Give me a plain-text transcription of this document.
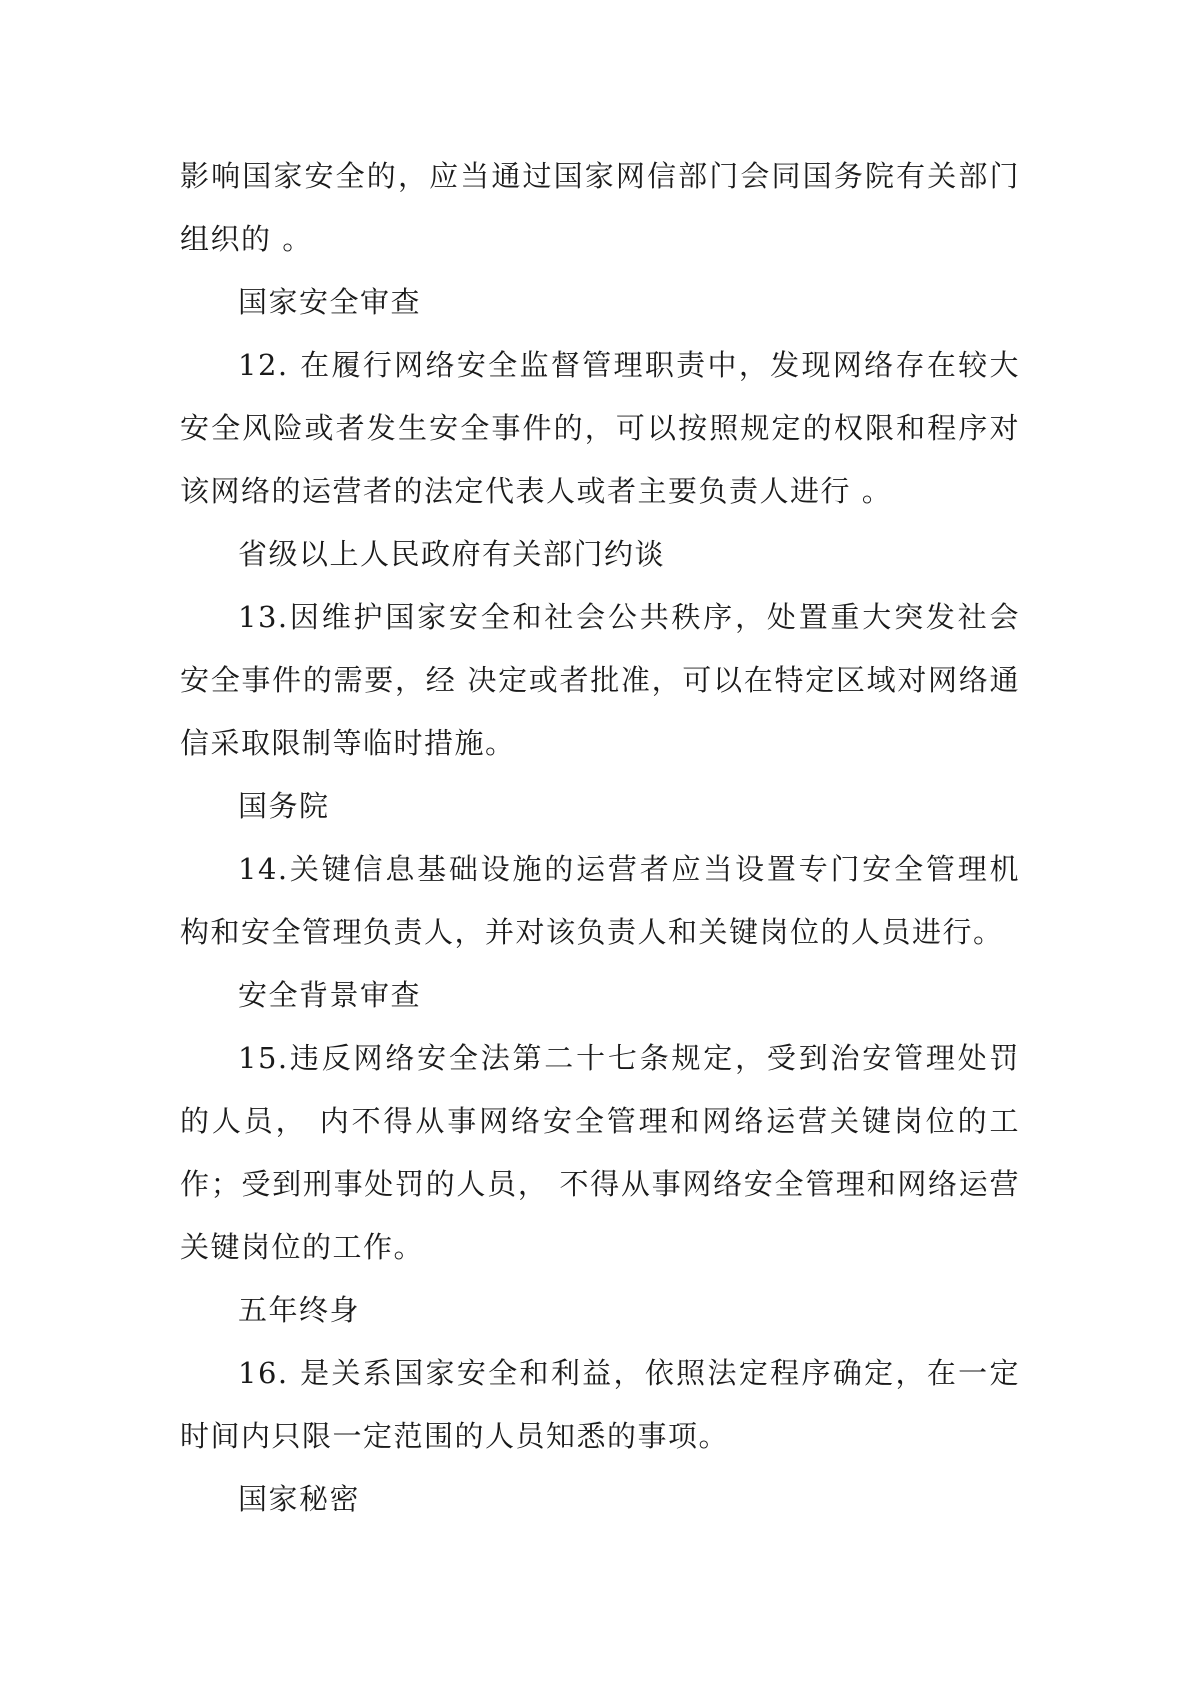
影响国家安全的，应当通过国家网信部门会同国务院有关部门组织的 。

国家安全审查

12. 在履行网络安全监督管理职责中，发现网络存在较大安全风险或者发生安全事件的，可以按照规定的权限和程序对该网络的运营者的法定代表人或者主要负责人进行 。

省级以上人民政府有关部门约谈

13.因维护国家安全和社会公共秩序，处置重大突发社会安全事件的需要，经 决定或者批准，可以在特定区域对网络通信采取限制等临时措施。

国务院

14.关键信息基础设施的运营者应当设置专门安全管理机构和安全管理负责人，并对该负责人和关键岗位的人员进行。

安全背景审查

15.违反网络安全法第二十七条规定，受到治安管理处罚的人员， 内不得从事网络安全管理和网络运营关键岗位的工作；受到刑事处罚的人员， 不得从事网络安全管理和网络运营关键岗位的工作。

五年终身

16. 是关系国家安全和利益，依照法定程序确定，在一定时间内只限一定范围的人员知悉的事项。

国家秘密
